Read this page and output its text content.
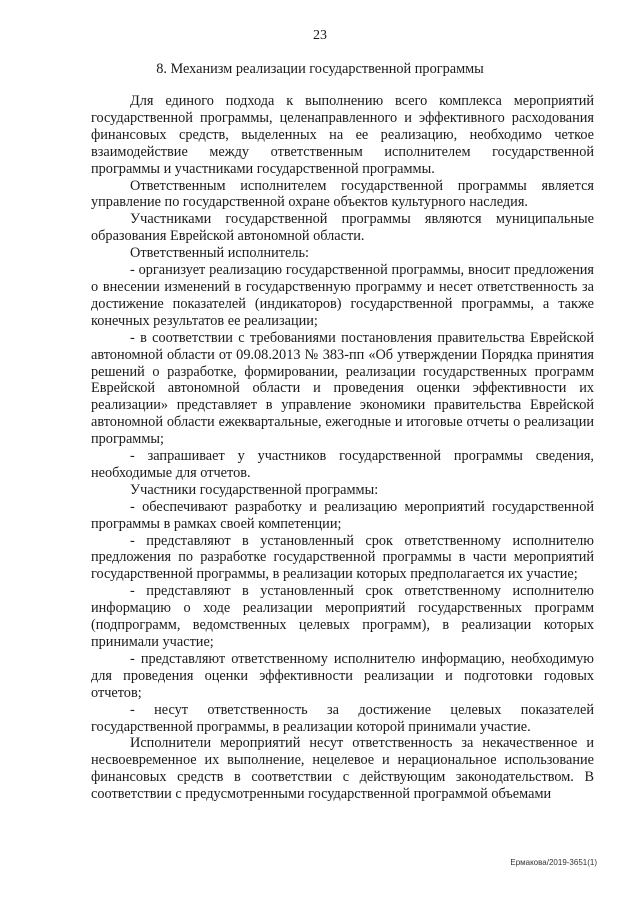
23
8. Механизм реализации государственной программы

Для единого подхода к выполнению всего комплекса мероприятий государственной программы, целенаправленного и эффективного расходования финансовых средств, выделенных на ее реализацию, необходимо четкое взаимодействие между ответственным исполнителем государственной программы и участниками государственной программы.

Ответственным исполнителем государственной программы является управление по государственной охране объектов культурного наследия.

Участниками государственной программы являются муниципальные образования Еврейской автономной области.

Ответственный исполнитель:

- организует реализацию государственной программы, вносит предложения о внесении изменений в государственную программу и несет ответственность за достижение показателей (индикаторов) государственной программы, а также конечных результатов ее реализации;

- в соответствии с требованиями постановления правительства Еврейской автономной области от 09.08.2013 № 383-пп «Об утверждении Порядка принятия решений о разработке, формировании, реализации государственных программ Еврейской автономной области и проведения оценки эффективности их реализации» представляет в управление экономики правительства Еврейской автономной области ежеквартальные, ежегодные и итоговые отчеты о реализации программы;

- запрашивает у участников государственной программы сведения, необходимые для отчетов.

Участники государственной программы:

- обеспечивают разработку и реализацию мероприятий государственной программы в рамках своей компетенции;

- представляют в установленный срок ответственному исполнителю предложения по разработке государственной программы в части мероприятий государственной программы, в реализации которых предполагается их участие;

- представляют в установленный срок ответственному исполнителю информацию о ходе реализации мероприятий государственных программ (подпрограмм, ведомственных целевых программ), в реализации которых принимали участие;

- представляют ответственному исполнителю информацию, необходимую для проведения оценки эффективности реализации и подготовки годовых отчетов;

- несут ответственность за достижение целевых показателей государственной программы, в реализации которой принимали участие.

Исполнители мероприятий несут ответственность за некачественное и несвоевременное их выполнение, нецелевое и нерациональное использование финансовых средств в соответствии с действующим законодательством. В соответствии с предусмотренными государственной программой объемами

Ермакова/2019-3651(1)
